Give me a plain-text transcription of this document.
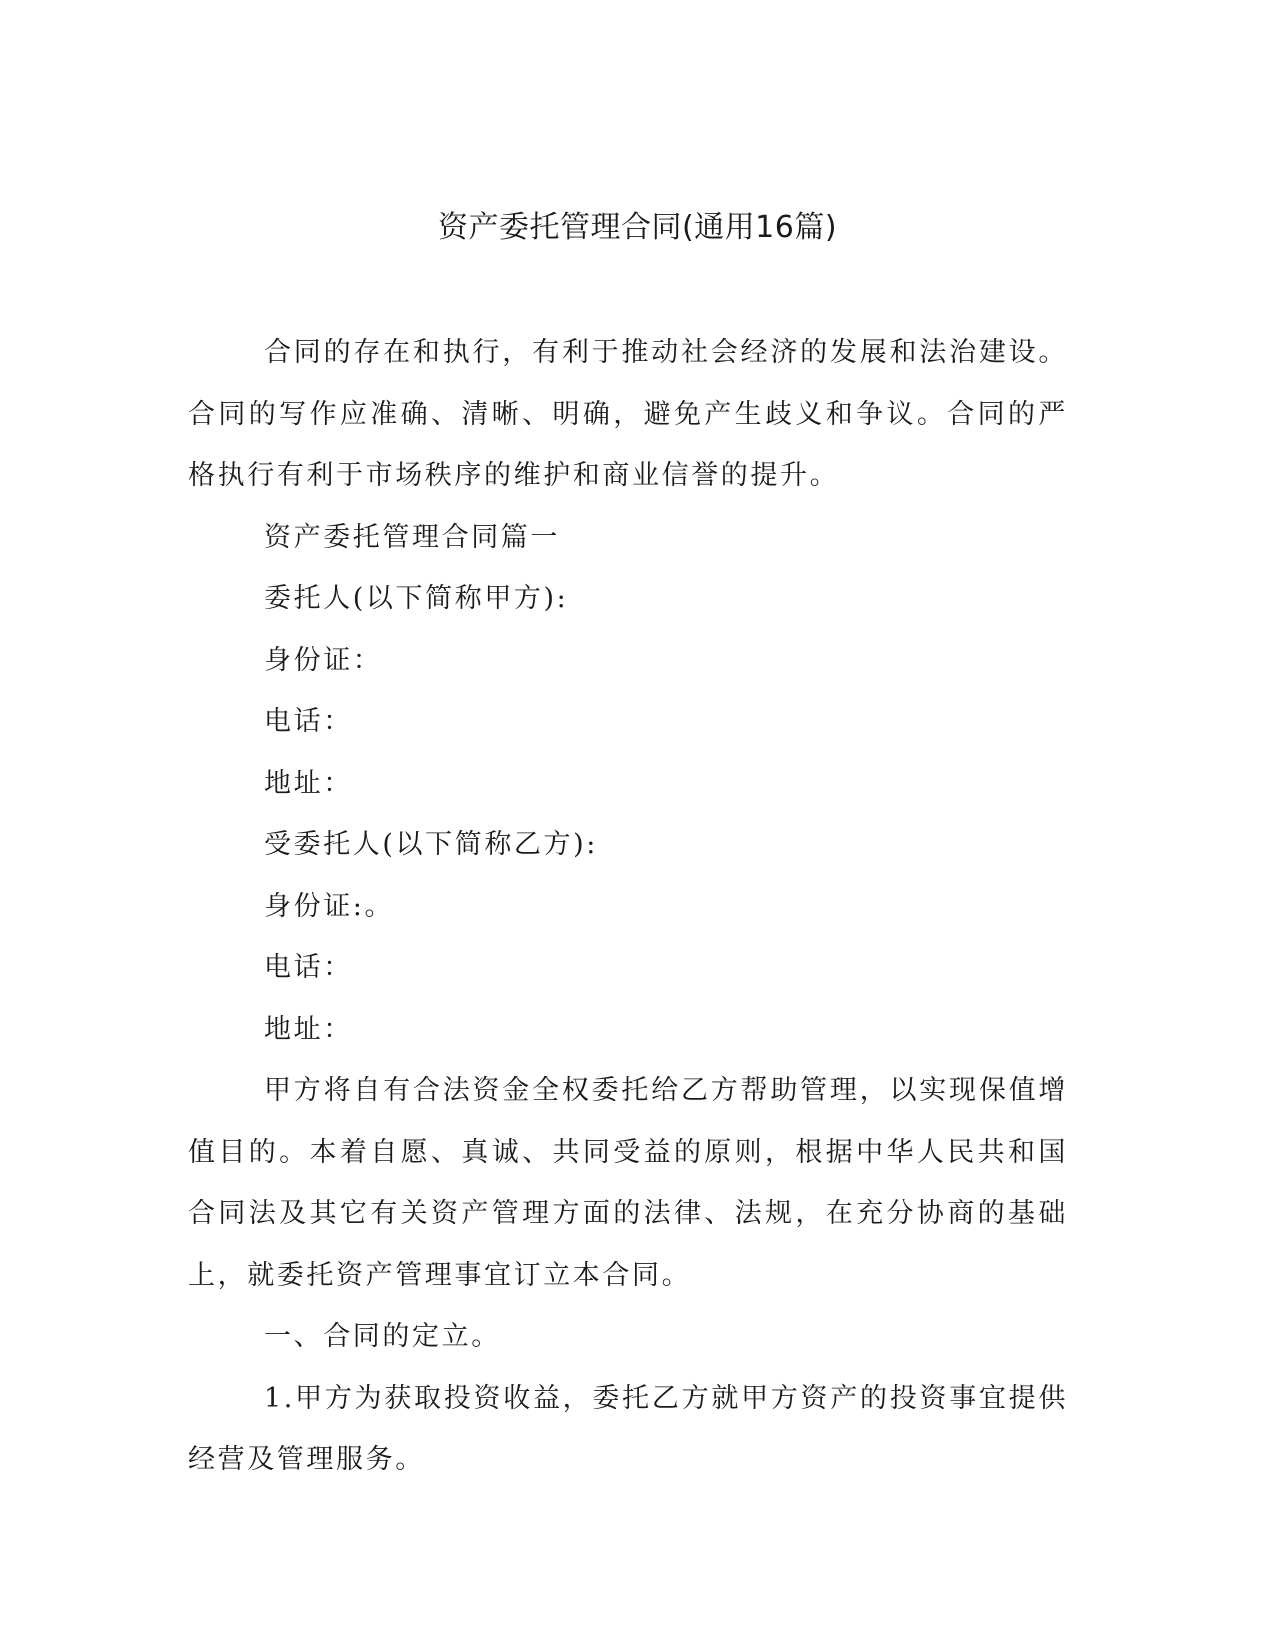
资产委托管理合同(通用16篇)

合同的存在和执行，有利于推动社会经济的发展和法治建设。合同的写作应准确、清晰、明确，避免产生歧义和争议。合同的严格执行有利于市场秩序的维护和商业信誉的提升。

资产委托管理合同篇一

委托人(以下简称甲方):

身份证：

电话：

地址：

受委托人(以下简称乙方):

身份证:。

电话：

地址：

甲方将自有合法资金全权委托给乙方帮助管理，以实现保值增值目的。本着自愿、真诚、共同受益的原则，根据中华人民共和国合同法及其它有关资产管理方面的法律、法规，在充分协商的基础上，就委托资产管理事宜订立本合同。

一、合同的定立。

1.甲方为获取投资收益，委托乙方就甲方资产的投资事宜提供经营及管理服务。
